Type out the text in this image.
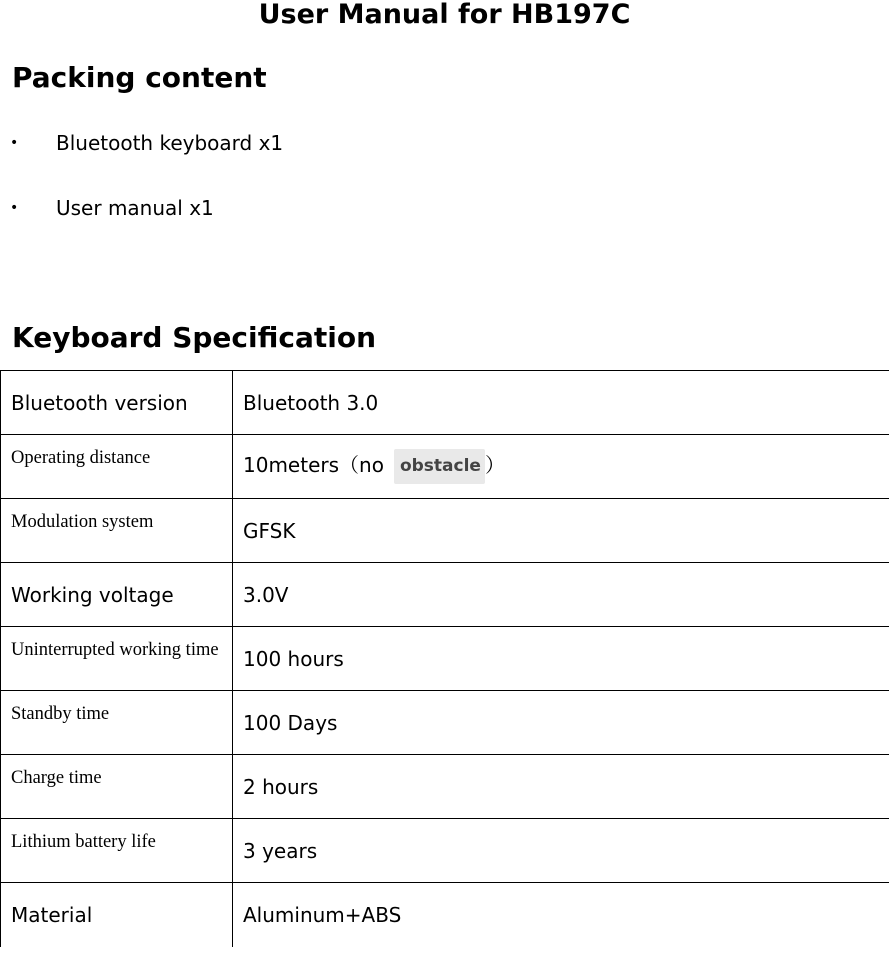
User Manual for HB197C
Packing content
• Bluetooth keyboard x1
• User manual x1
Keyboard Specification
Bluetooth version	Bluetooth 3.0
Operating distance	10meters（no obstacle ）
Modulation system	GFSK
Working voltage	3.0V
Uninterrupted working time	100 hours
Standby time	100 Days
Charge time	2 hours
Lithium battery life	3 years
Material	Aluminum+ABS
